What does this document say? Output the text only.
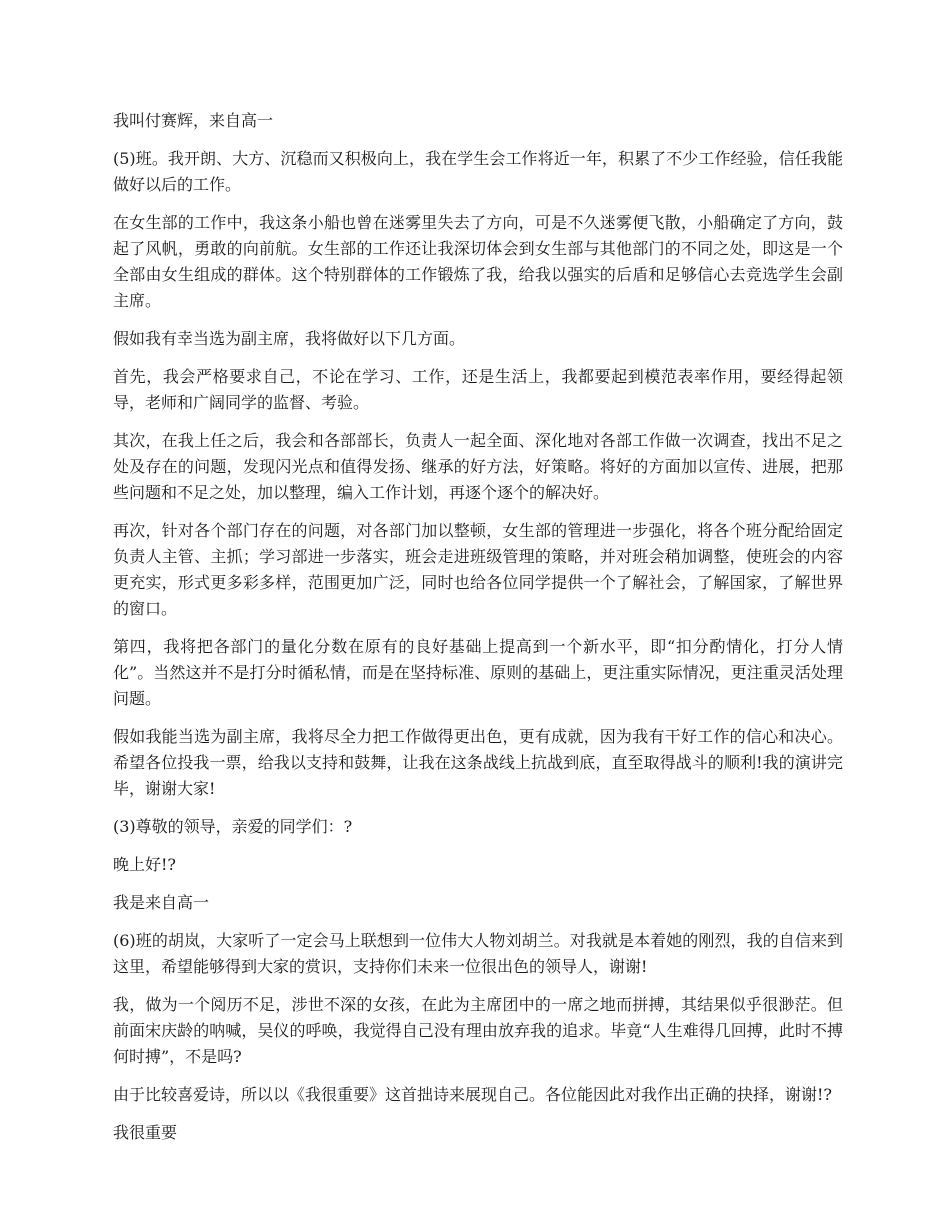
我叫付赛辉，来自高一

(5)班。我开朗、大方、沉稳而又积极向上，我在学生会工作将近一年，积累了不少工作经验，信任我能做好以后的工作。

在女生部的工作中，我这条小船也曾在迷雾里失去了方向，可是不久迷雾便飞散，小船确定了方向，鼓起了风帆，勇敢的向前航。女生部的工作还让我深切体会到女生部与其他部门的不同之处，即这是一个全部由女生组成的群体。这个特别群体的工作锻炼了我，给我以强实的后盾和足够信心去竞选学生会副主席。

假如我有幸当选为副主席，我将做好以下几方面。

首先，我会严格要求自己，不论在学习、工作，还是生活上，我都要起到模范表率作用，要经得起领导，老师和广阔同学的监督、考验。

其次，在我上任之后，我会和各部部长，负责人一起全面、深化地对各部工作做一次调查，找出不足之处及存在的问题，发现闪光点和值得发扬、继承的好方法，好策略。将好的方面加以宣传、进展，把那些问题和不足之处，加以整理，编入工作计划，再逐个逐个的解决好。

再次，针对各个部门存在的问题，对各部门加以整顿，女生部的管理进一步强化，将各个班分配给固定负责人主管、主抓；学习部进一步落实，班会走进班级管理的策略，并对班会稍加调整，使班会的内容更充实，形式更多彩多样，范围更加广泛，同时也给各位同学提供一个了解社会，了解国家，了解世界的窗口。

第四，我将把各部门的量化分数在原有的良好基础上提高到一个新水平，即“扣分酌情化，打分人情化”。当然这并不是打分时循私情，而是在坚持标准、原则的基础上，更注重实际情况，更注重灵活处理问题。

假如我能当选为副主席，我将尽全力把工作做得更出色，更有成就，因为我有干好工作的信心和决心。希望各位投我一票，给我以支持和鼓舞，让我在这条战线上抗战到底，直至取得战斗的顺利!我的演讲完毕，谢谢大家!

(3)尊敬的领导，亲爱的同学们：?

晚上好!?

我是来自高一

(6)班的胡岚，大家听了一定会马上联想到一位伟大人物刘胡兰。对我就是本着她的刚烈，我的自信来到这里，希望能够得到大家的赏识，支持你们未来一位很出色的领导人，谢谢!

我，做为一个阅历不足，涉世不深的女孩，在此为主席团中的一席之地而拼搏，其结果似乎很渺茫。但前面宋庆龄的呐喊，吴仪的呼唤，我觉得自己没有理由放弃我的追求。毕竟“人生难得几回搏，此时不搏何时搏”，不是吗?

由于比较喜爱诗，所以以《我很重要》这首拙诗来展现自己。各位能因此对我作出正确的抉择，谢谢!?

我很重要
